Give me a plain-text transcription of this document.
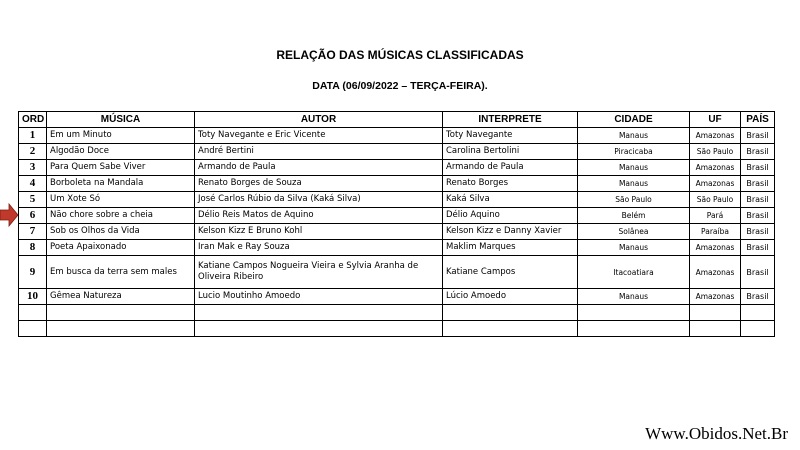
RELAÇÃO DAS MÚSICAS CLASSIFICADAS
DATA (06/09/2022 – TERÇA-FEIRA).
ORD	MÚSICA	AUTOR	INTERPRETE	CIDADE	UF	PAÍS
1	Em um Minuto	Toty Navegante e Eric Vicente	Toty Navegante	Manaus	Amazonas	Brasil
2	Algodão Doce	André Bertini	Carolina Bertolini	Piracicaba	São Paulo	Brasil
3	Para Quem Sabe Viver	Armando de Paula	Armando de Paula	Manaus	Amazonas	Brasil
4	Borboleta na Mandala	Renato Borges de Souza	Renato Borges	Manaus	Amazonas	Brasil
5	Um Xote Só	José Carlos Rúbio da Silva (Kaká Silva)	Kaká Silva	São Paulo	São Paulo	Brasil
6	Não chore sobre a cheia	Délio Reis Matos de Aquino	Délio Aquino	Belém	Pará	Brasil
7	Sob os Olhos da Vida	Kelson Kizz E Bruno Kohl	Kelson Kizz e Danny Xavier	Solânea	Paraíba	Brasil
8	Poeta Apaixonado	Iran Mak e Ray Souza	Maklim Marques	Manaus	Amazonas	Brasil
9	Em busca da terra sem males	Katiane Campos Nogueira Vieira e Sylvia Aranha de Oliveira Ribeiro	Katiane Campos	Itacoatiara	Amazonas	Brasil
10	Gêmea Natureza	Lucio Moutinho Amoedo	Lúcio Amoedo	Manaus	Amazonas	Brasil

Www.Obidos.Net.Br
